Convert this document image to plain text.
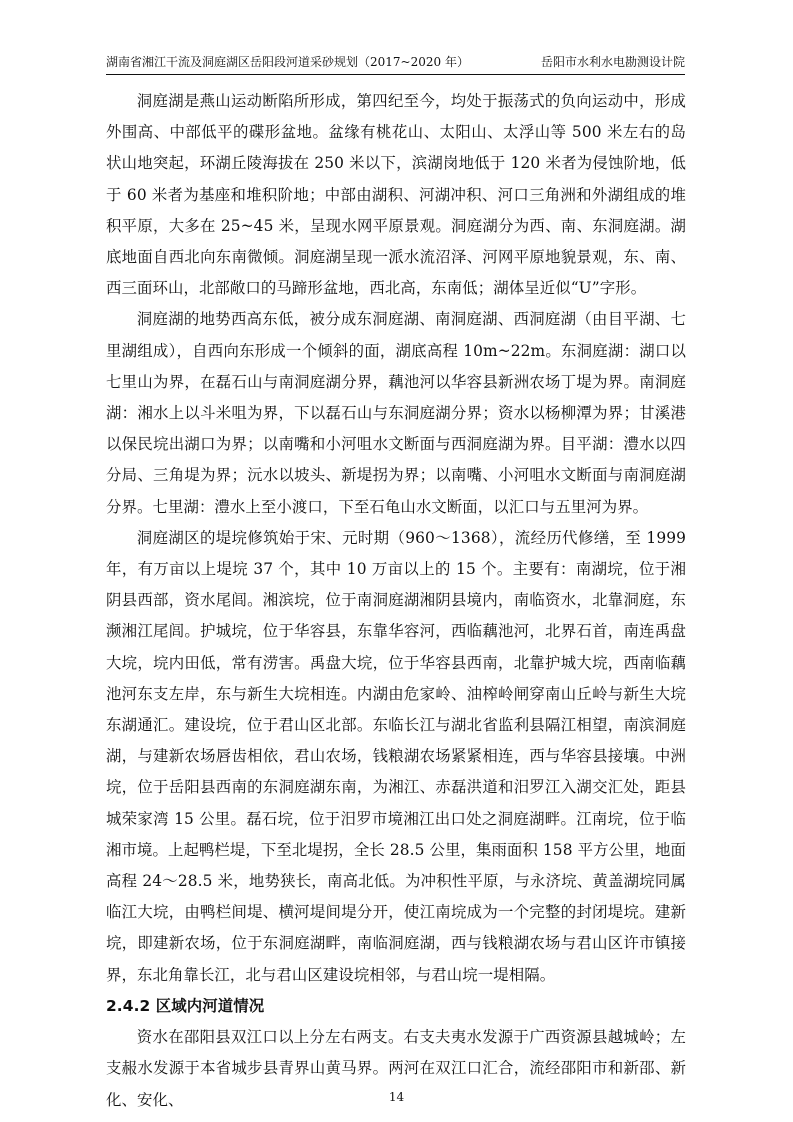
湖南省湘江干流及洞庭湖区岳阳段河道采砂规划（2017~2020 年）	岳阳市水利水电勘测设计院

洞庭湖是燕山运动断陷所形成，第四纪至今，均处于振荡式的负向运动中，形成外围高、中部低平的碟形盆地。盆缘有桃花山、太阳山、太浮山等 500 米左右的岛状山地突起，环湖丘陵海拔在 250 米以下，滨湖岗地低于 120 米者为侵蚀阶地，低于 60 米者为基座和堆积阶地；中部由湖积、河湖冲积、河口三角洲和外湖组成的堆积平原，大多在 25~45 米，呈现水网平原景观。洞庭湖分为西、南、东洞庭湖。湖底地面自西北向东南微倾。洞庭湖呈现一派水流沼泽、河网平原地貌景观，东、南、西三面环山，北部敞口的马蹄形盆地，西北高，东南低；湖体呈近似“U”字形。

洞庭湖的地势西高东低，被分成东洞庭湖、南洞庭湖、西洞庭湖（由目平湖、七里湖组成），自西向东形成一个倾斜的面，湖底高程 10m~22m。东洞庭湖：湖口以七里山为界，在磊石山与南洞庭湖分界，藕池河以华容县新洲农场丁堤为界。南洞庭湖：湘水上以斗米咀为界，下以磊石山与东洞庭湖分界；资水以杨柳潭为界；甘溪港以保民垸出湖口为界；以南嘴和小河咀水文断面与西洞庭湖为界。目平湖：澧水以四分局、三角堤为界；沅水以坡头、新堤拐为界；以南嘴、小河咀水文断面与南洞庭湖分界。七里湖：澧水上至小渡口，下至石龟山水文断面，以汇口与五里河为界。

洞庭湖区的堤垸修筑始于宋、元时期（960～1368），流经历代修缮，至 1999 年，有万亩以上堤垸 37 个，其中 10 万亩以上的 15 个。主要有：南湖垸，位于湘阴县西部，资水尾闾。湘滨垸，位于南洞庭湖湘阴县境内，南临资水，北靠洞庭，东濒湘江尾闾。护城垸，位于华容县，东靠华容河，西临藕池河，北界石首，南连禹盘大垸，垸内田低，常有涝害。禹盘大垸，位于华容县西南，北靠护城大垸，西南临藕池河东支左岸，东与新生大垸相连。内湖由危家岭、油榨岭闸穿南山丘岭与新生大垸东湖通汇。建设垸，位于君山区北部。东临长江与湖北省监利县隔江相望，南滨洞庭湖，与建新农场唇齿相依，君山农场，钱粮湖农场紧紧相连，西与华容县接壤。中洲垸，位于岳阳县西南的东洞庭湖东南，为湘江、赤磊洪道和汨罗江入湖交汇处，距县城荣家湾 15 公里。磊石垸，位于汨罗市境湘江出口处之洞庭湖畔。江南垸，位于临湘市境。上起鸭栏堤，下至北堤拐，全长 28.5 公里，集雨面积 158 平方公里，地面高程 24～28.5 米，地势狭长，南高北低。为冲积性平原，与永济垸、黄盖湖垸同属临江大垸，由鸭栏间堤、横河堤间堤分开，使江南垸成为一个完整的封闭堤垸。建新垸，即建新农场，位于东洞庭湖畔，南临洞庭湖，西与钱粮湖农场与君山区许市镇接界，东北角靠长江，北与君山区建设垸相邻，与君山垸一堤相隔。

2.4.2 区域内河道情况

资水在邵阳县双江口以上分左右两支。右支夫夷水发源于广西资源县越城岭；左支赧水发源于本省城步县青界山黄马界。两河在双江口汇合，流经邵阳市和新邵、新化、安化、	14
